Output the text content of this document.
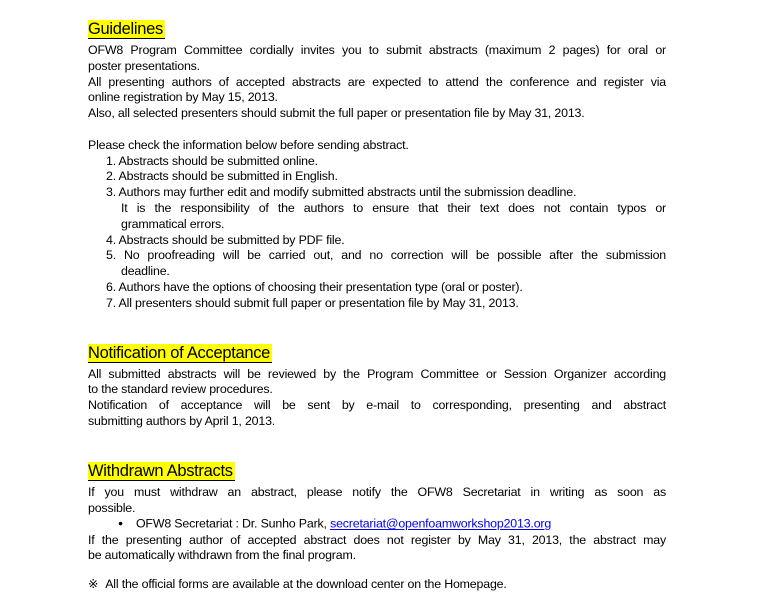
Guidelines
OFW8 Program Committee cordially invites you to submit abstracts (maximum 2 pages) for oral or
poster presentations.
All presenting authors of accepted abstracts are expected to attend the conference and register via
online registration by May 15, 2013.
Also, all selected presenters should submit the full paper or presentation file by May 31, 2013.
Please check the information below before sending abstract.
1. Abstracts should be submitted online.
2. Abstracts should be submitted in English.
3. Authors may further edit and modify submitted abstracts until the submission deadline.
It is the responsibility of the authors to ensure that their text does not contain typos or
grammatical errors.
4. Abstracts should be submitted by PDF file.
5. No proofreading will be carried out, and no correction will be possible after the submission
deadline.
6. Authors have the options of choosing their presentation type (oral or poster).
7. All presenters should submit full paper or presentation file by May 31, 2013.
Notification of Acceptance
All submitted abstracts will be reviewed by the Program Committee or Session Organizer according
to the standard review procedures.
Notification of acceptance will be sent by e-mail to corresponding, presenting and abstract
submitting authors by April 1, 2013.
Withdrawn Abstracts
If you must withdraw an abstract, please notify the OFW8 Secretariat in writing as soon as
possible.
● OFW8 Secretariat : Dr. Sunho Park, secretariat@openfoamworkshop2013.org
If the presenting author of accepted abstract does not register by May 31, 2013, the abstract may
be automatically withdrawn from the final program.
※ All the official forms are available at the download center on the Homepage.
